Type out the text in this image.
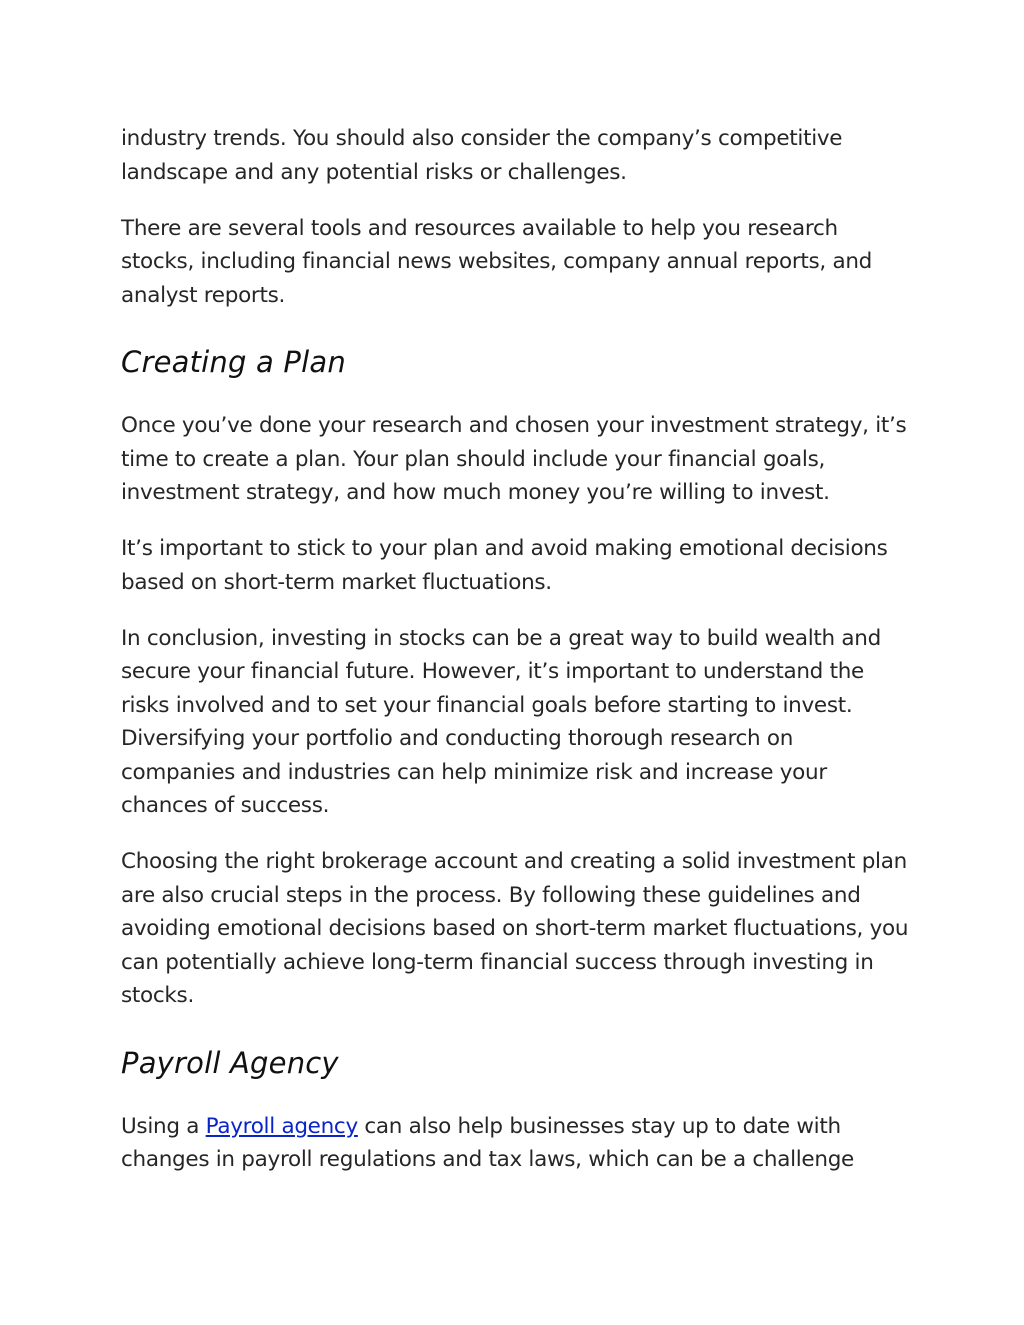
industry trends. You should also consider the company’s competitive landscape and any potential risks or challenges.

There are several tools and resources available to help you research stocks, including financial news websites, company annual reports, and analyst reports.

Creating a Plan

Once you’ve done your research and chosen your investment strategy, it’s time to create a plan. Your plan should include your financial goals, investment strategy, and how much money you’re willing to invest.

It’s important to stick to your plan and avoid making emotional decisions based on short-term market fluctuations.

In conclusion, investing in stocks can be a great way to build wealth and secure your financial future. However, it’s important to understand the risks involved and to set your financial goals before starting to invest. Diversifying your portfolio and conducting thorough research on companies and industries can help minimize risk and increase your chances of success.

Choosing the right brokerage account and creating a solid investment plan are also crucial steps in the process. By following these guidelines and avoiding emotional decisions based on short-term market fluctuations, you can potentially achieve long-term financial success through investing in stocks.

Payroll Agency

Using a Payroll agency can also help businesses stay up to date with changes in payroll regulations and tax laws, which can be a challenge
